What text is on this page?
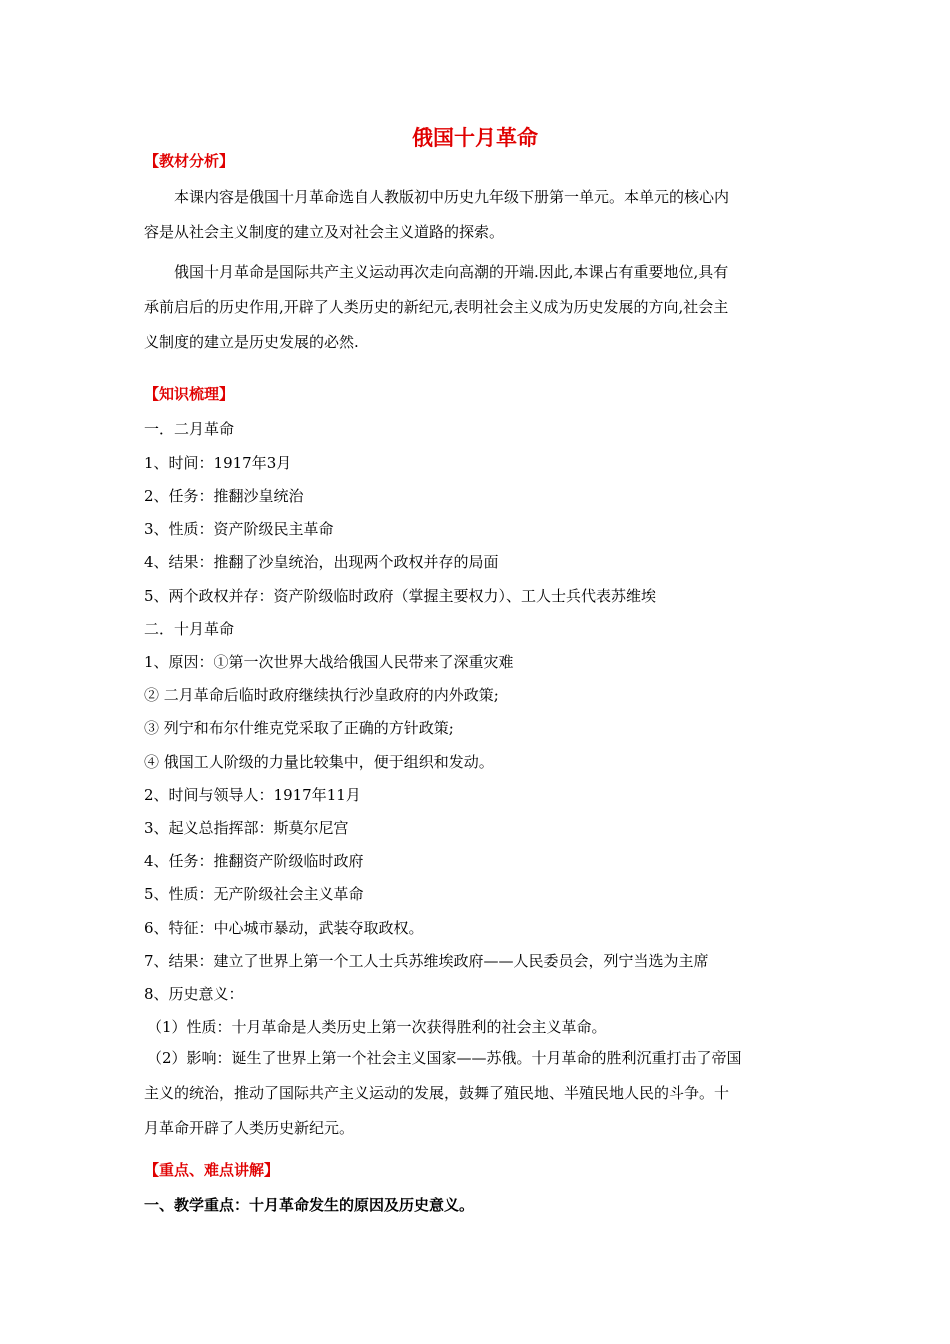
俄国十月革命

【教材分析】

本课内容是俄国十月革命选自人教版初中历史九年级下册第一单元。本单元的核心内
容是从社会主义制度的建立及对社会主义道路的探索。
俄国十月革命是国际共产主义运动再次走向高潮的开端.因此,本课占有重要地位,具有
承前启后的历史作用,开辟了人类历史的新纪元,表明社会主义成为历史发展的方向,社会主
义制度的建立是历史发展的必然.

【知识梳理】

一．二月革命

1、时间：1917年3月

2、任务：推翻沙皇统治

3、性质：资产阶级民主革命

4、结果：推翻了沙皇统治，出现两个政权并存的局面

5、两个政权并存：资产阶级临时政府（掌握主要权力）、工人士兵代表苏维埃

二．十月革命

1、原因：①第一次世界大战给俄国人民带来了深重灾难

② 二月革命后临时政府继续执行沙皇政府的内外政策;

③ 列宁和布尔什维克党采取了正确的方针政策;

④ 俄国工人阶级的力量比较集中，便于组织和发动。

2、时间与领导人：1917年11月

3、起义总指挥部：斯莫尔尼宫

4、任务：推翻资产阶级临时政府

5、性质：无产阶级社会主义革命

6、特征：中心城市暴动，武装夺取政权。

7、结果：建立了世界上第一个工人士兵苏维埃政府——人民委员会，列宁当选为主席

8、历史意义：

（1）性质：十月革命是人类历史上第一次获得胜利的社会主义革命。

（2）影响：诞生了世界上第一个社会主义国家——苏俄。十月革命的胜利沉重打击了帝国
主义的统治，推动了国际共产主义运动的发展，鼓舞了殖民地、半殖民地人民的斗争。十
月革命开辟了人类历史新纪元。

【重点、难点讲解】

一、教学重点：十月革命发生的原因及历史意义。
